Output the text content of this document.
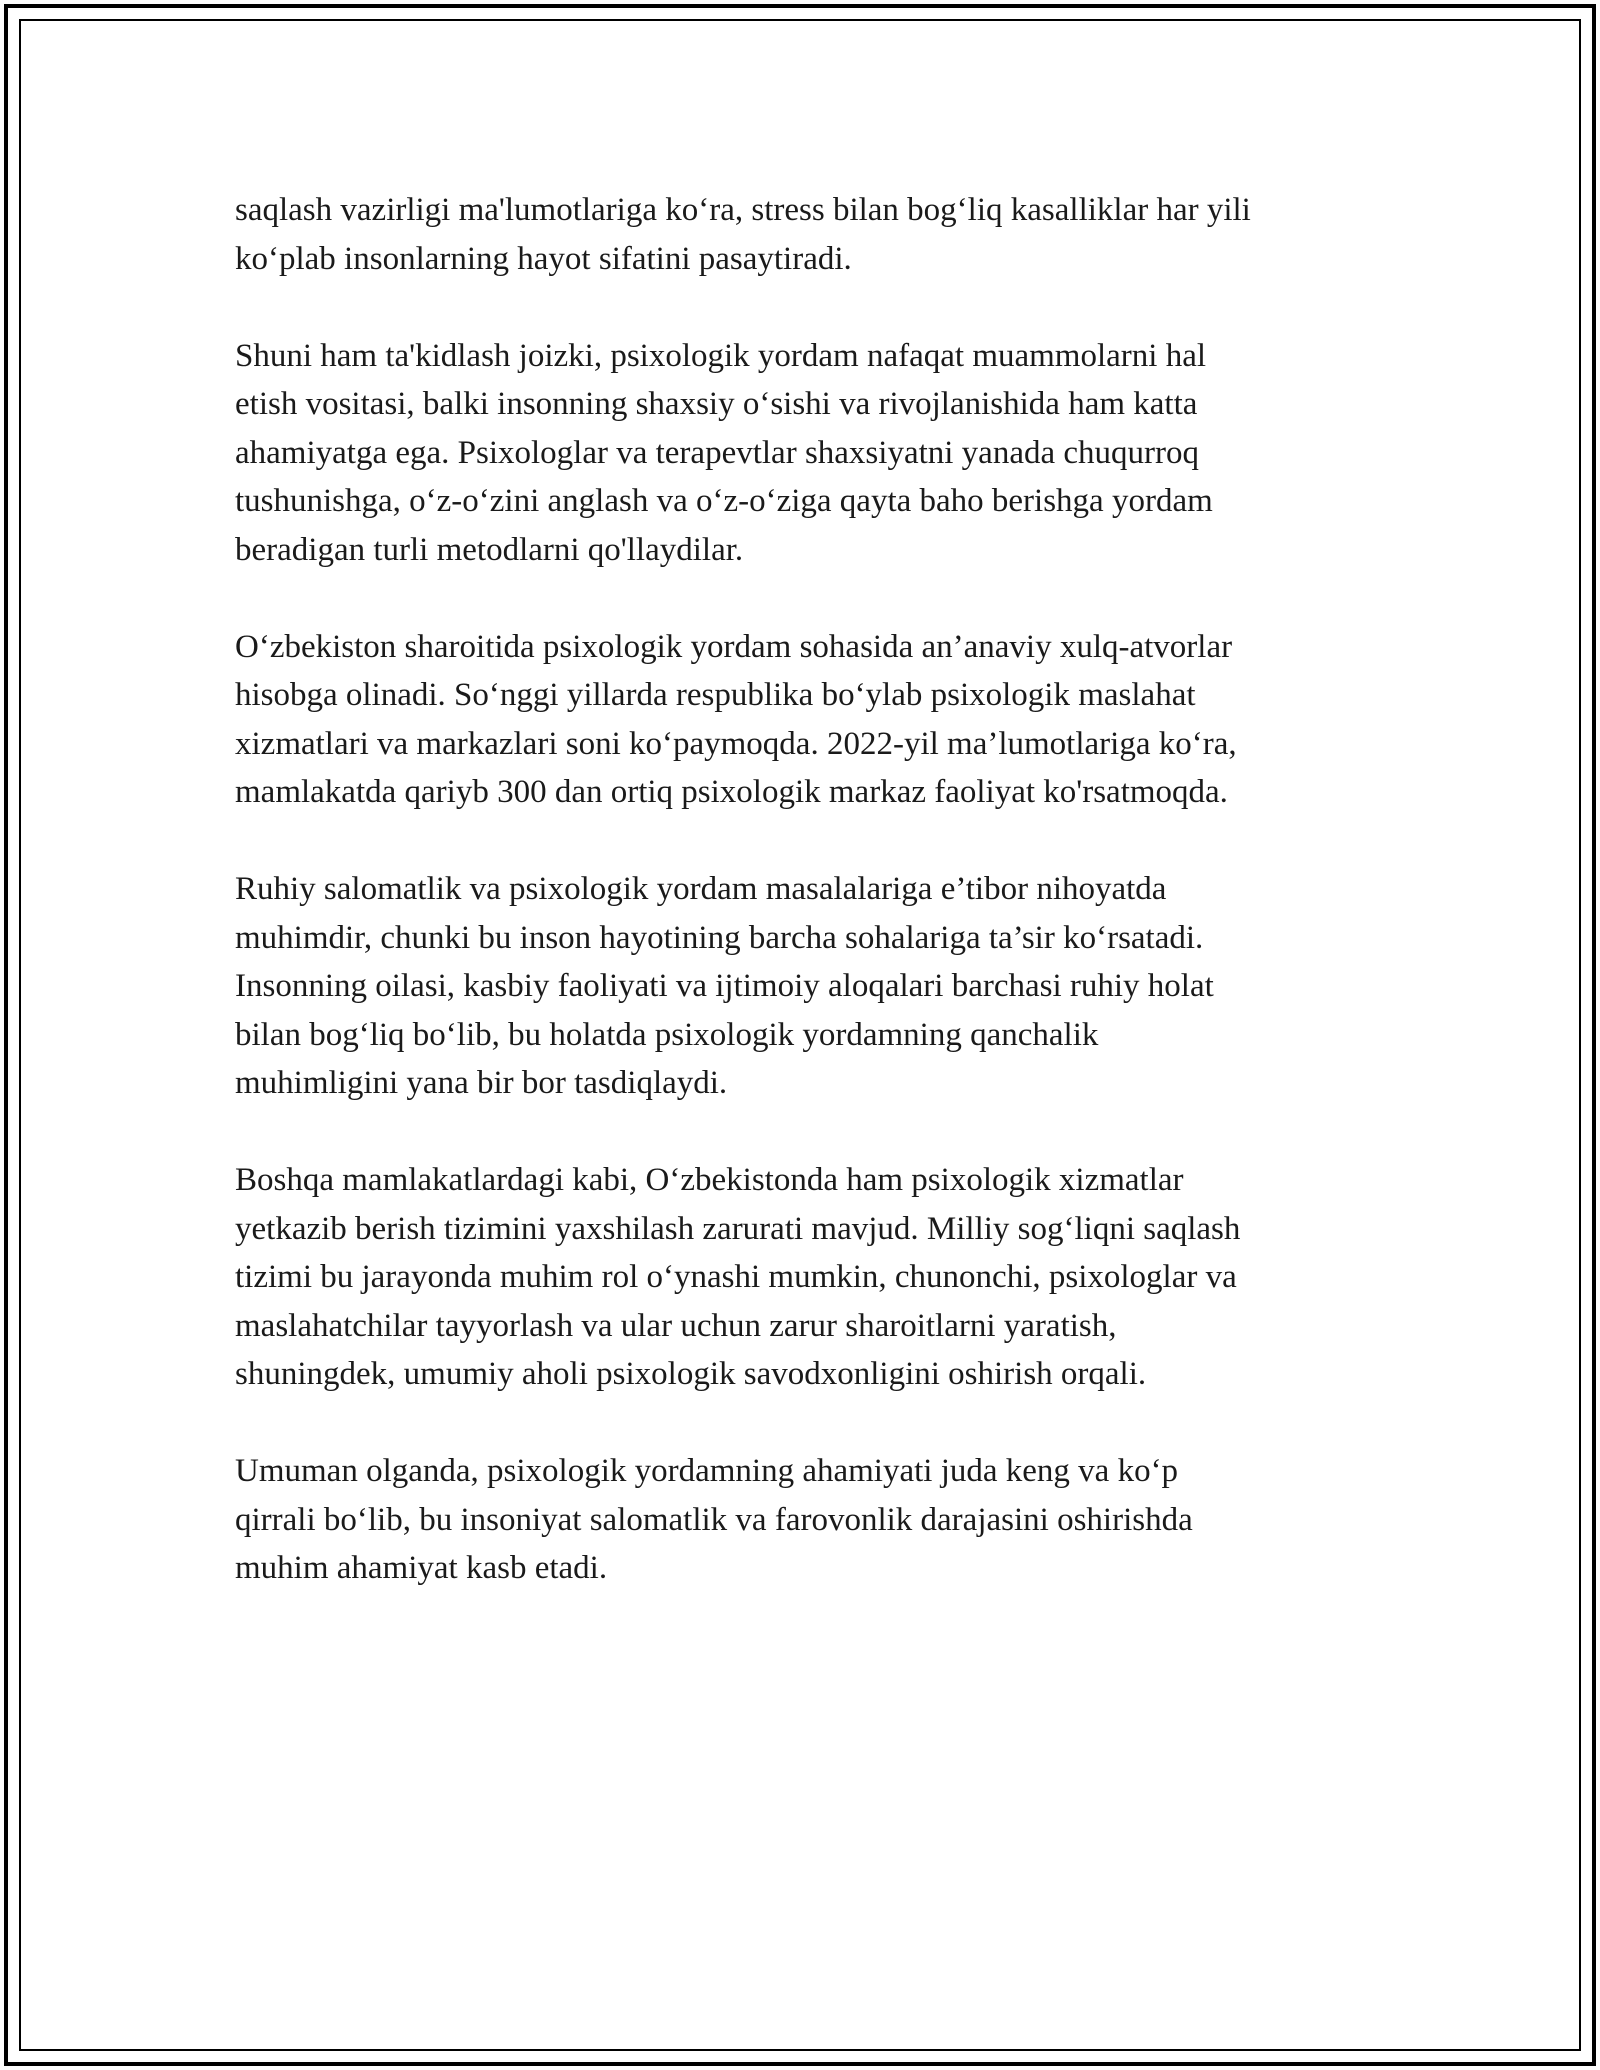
saqlash vazirligi ma'lumotlariga ko‘ra, stress bilan bog‘liq kasalliklar har yili
ko‘plab insonlarning hayot sifatini pasaytiradi.

Shuni ham ta'kidlash joizki, psixologik yordam nafaqat muammolarni hal
etish vositasi, balki insonning shaxsiy o‘sishi va rivojlanishida ham katta
ahamiyatga ega. Psixologlar va terapevtlar shaxsiyatni yanada chuqurroq
tushunishga, o‘z-o‘zini anglash va o‘z-o‘ziga qayta baho berishga yordam
beradigan turli metodlarni qo'llaydilar.

O‘zbekiston sharoitida psixologik yordam sohasida an’anaviy xulq-atvorlar
hisobga olinadi. So‘nggi yillarda respublika bo‘ylab psixologik maslahat
xizmatlari va markazlari soni ko‘paymoqda. 2022-yil ma’lumotlariga ko‘ra,
mamlakatda qariyb 300 dan ortiq psixologik markaz faoliyat ko'rsatmoqda.

Ruhiy salomatlik va psixologik yordam masalalariga e’tibor nihoyatda
muhimdir, chunki bu inson hayotining barcha sohalariga ta’sir ko‘rsatadi.
Insonning oilasi, kasbiy faoliyati va ijtimoiy aloqalari barchasi ruhiy holat
bilan bog‘liq bo‘lib, bu holatda psixologik yordamning qanchalik
muhimligini yana bir bor tasdiqlaydi.

Boshqa mamlakatlardagi kabi, O‘zbekistonda ham psixologik xizmatlar
yetkazib berish tizimini yaxshilash zarurati mavjud. Milliy sog‘liqni saqlash
tizimi bu jarayonda muhim rol o‘ynashi mumkin, chunonchi, psixologlar va
maslahatchilar tayyorlash va ular uchun zarur sharoitlarni yaratish,
shuningdek, umumiy aholi psixologik savodxonligini oshirish orqali.

Umuman olganda, psixologik yordamning ahamiyati juda keng va ko‘p
qirrali bo‘lib, bu insoniyat salomatlik va farovonlik darajasini oshirishda
muhim ahamiyat kasb etadi.
